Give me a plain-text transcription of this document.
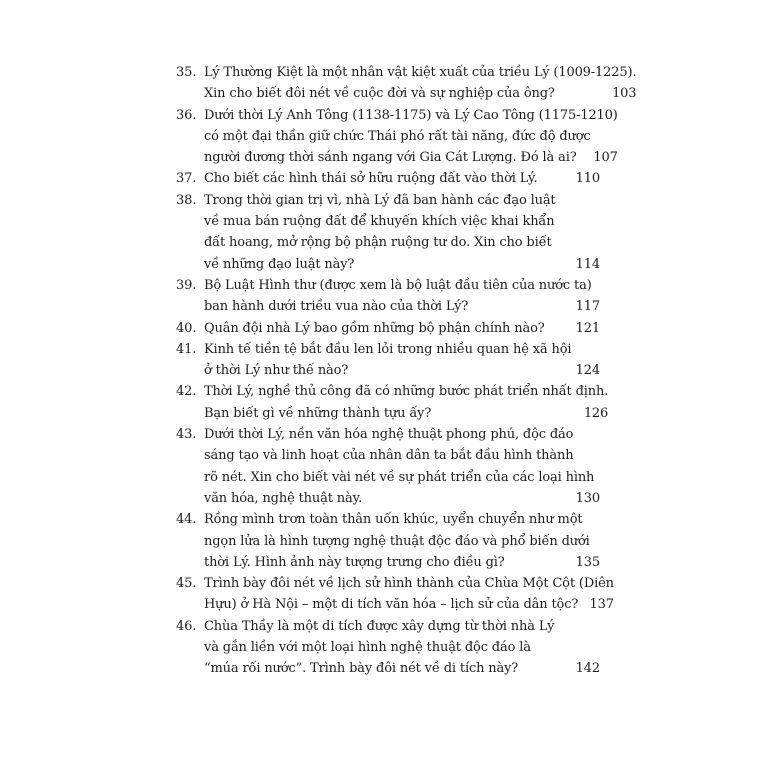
35. Lý Thường Kiệt là một nhân vật kiệt xuất của triều Lý (1009-1225).
Xin cho biết đôi nét về cuộc đời và sự nghiệp của ông?	103
36. Dưới thời Lý Anh Tông (1138-1175) và Lý Cao Tông (1175-1210)
có một đại thần giữ chức Thái phó rất tài năng, đức độ được
người đương thời sánh ngang với Gia Cát Lượng. Đó là ai?	107
37. Cho biết các hình thái sở hữu ruộng đất vào thời Lý.	110
38. Trong thời gian trị vì, nhà Lý đã ban hành các đạo luật
về mua bán ruộng đất để khuyến khích việc khai khẩn
đất hoang, mở rộng bộ phận ruộng tư do. Xin cho biết
về những đạo luật này?	114
39. Bộ Luật Hình thư (được xem là bộ luật đầu tiên của nước ta)
ban hành dưới triều vua nào của thời Lý?	117
40. Quân đội nhà Lý bao gồm những bộ phận chính nào?	121
41. Kinh tế tiền tệ bắt đầu len lỏi trong nhiều quan hệ xã hội
ở thời Lý như thế nào?	124
42. Thời Lý, nghề thủ công đã có những bước phát triển nhất định.
Bạn biết gì về những thành tựu ấy?	126
43. Dưới thời Lý, nền văn hóa nghệ thuật phong phú, độc đáo
sáng tạo và linh hoạt của nhân dân ta bắt đầu hình thành
rõ nét. Xin cho biết vài nét về sự phát triển của các loại hình
văn hóa, nghệ thuật này.	130
44. Rồng mình trơn toàn thân uốn khúc, uyển chuyển như một
ngọn lửa là hình tượng nghệ thuật độc đáo và phổ biến dưới
thời Lý. Hình ảnh này tượng trưng cho điều gì?	135
45. Trình bày đôi nét về lịch sử hình thành của Chùa Một Cột (Diên
Hựu) ở Hà Nội – một di tích văn hóa – lịch sử của dân tộc? 137
46. Chùa Thầy là một di tích được xây dựng từ thời nhà Lý
và gắn liền với một loại hình nghệ thuật độc đáo là
“múa rối nước”. Trình bày đôi nét về di tích này?	142
